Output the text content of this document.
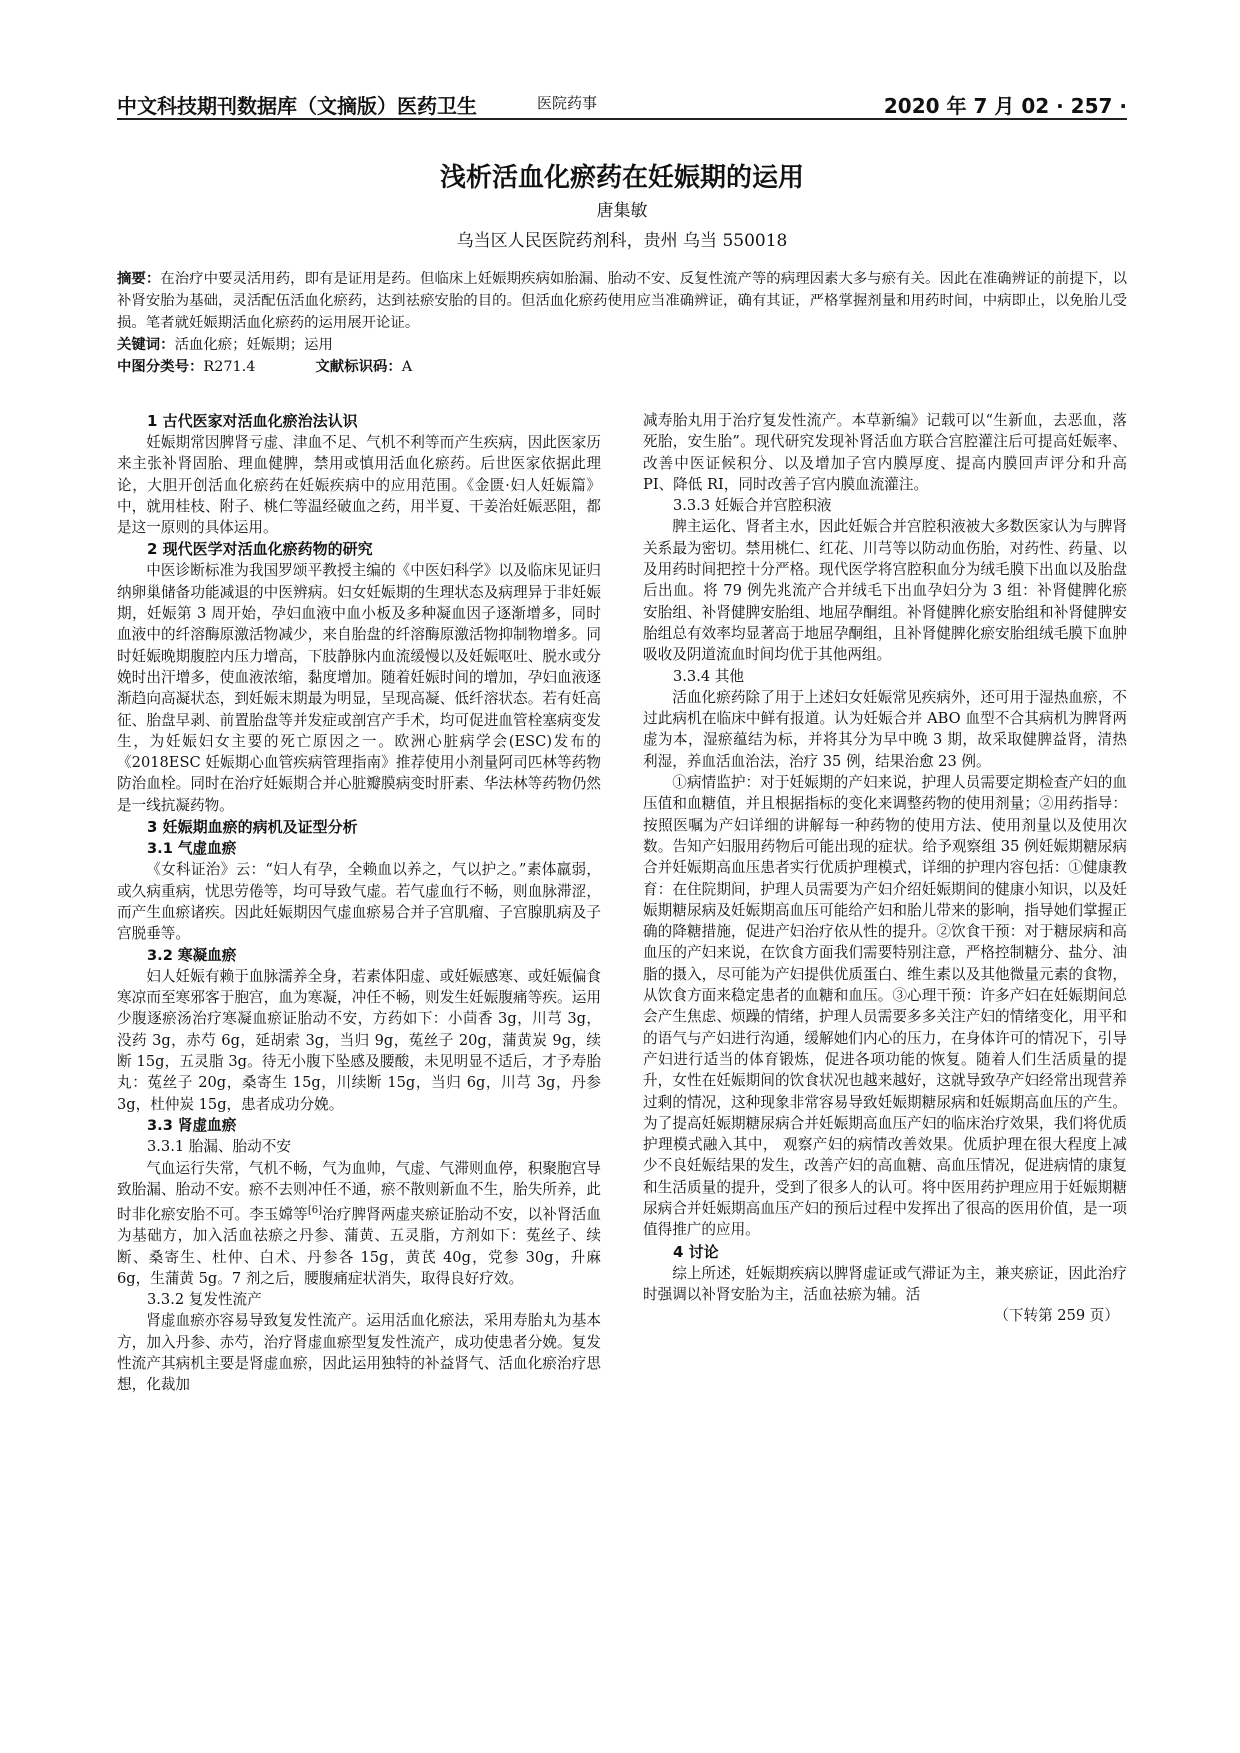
中文科技期刊数据库（文摘版）医药卫生	医院药事	2020 年 7 月 02 · 257 ·
浅析活血化瘀药在妊娠期的运用
唐集敏
乌当区人民医院药剂科，贵州 乌当 550018

摘要：在治疗中要灵活用药，即有是证用是药。但临床上妊娠期疾病如胎漏、胎动不安、反复性流产等的病理因素大多与瘀有关。因此在准确辨证的前提下，以补肾安胎为基础，灵活配伍活血化瘀药，达到祛瘀安胎的目的。但活血化瘀药使用应当准确辨证，确有其证，严格掌握剂量和用药时间，中病即止，以免胎儿受损。笔者就妊娠期活血化瘀药的运用展开论证。

关键词：活血化瘀；妊娠期；运用

中图分类号：R271.4	文献标识码：A

1 古代医家对活血化瘀治法认识

妊娠期常因脾肾亏虚、津血不足、气机不利等而产生疾病，因此医家历来主张补肾固胎、理血健脾，禁用或慎用活血化瘀药。后世医家依据此理论，大胆开创活血化瘀药在妊娠疾病中的应用范围。《金匮·妇人妊娠篇》中，就用桂枝、附子、桃仁等温经破血之药，用半夏、干姜治妊娠恶阻，都是这一原则的具体运用。

2 现代医学对活血化瘀药物的研究

中医诊断标准为我国罗颂平教授主编的《中医妇科学》以及临床见证归纳卵巢储备功能减退的中医辨病。妇女妊娠期的生理状态及病理异于非妊娠期，妊娠第 3 周开始，孕妇血液中血小板及多种凝血因子逐渐增多，同时血液中的纤溶酶原激活物减少，来自胎盘的纤溶酶原激活物抑制物增多。同时妊娠晚期腹腔内压力增高，下肢静脉内血流缓慢以及妊娠呕吐、脱水或分娩时出汗增多，使血液浓缩，黏度增加。随着妊娠时间的增加，孕妇血液逐渐趋向高凝状态，到妊娠末期最为明显，呈现高凝、低纤溶状态。若有妊高征、胎盘早剥、前置胎盘等并发症或剖宫产手术，均可促进血管栓塞病变发生，为妊娠妇女主要的死亡原因之一。欧洲心脏病学会(ESC)发布的《2018ESC 妊娠期心血管疾病管理指南》推荐使用小剂量阿司匹林等药物防治血栓。同时在治疗妊娠期合并心脏瓣膜病变时肝素、华法林等药物仍然是一线抗凝药物。

3 妊娠期血瘀的病机及证型分析
3.1 气虚血瘀

《女科证治》云：“妇人有孕，全赖血以养之，气以护之。”素体羸弱，或久病重病，忧思劳倦等，均可导致气虚。若气虚血行不畅，则血脉滞涩，而产生血瘀诸疾。因此妊娠期因气虚血瘀易合并子宫肌瘤、子宫腺肌病及子宫脱垂等。

3.2 寒凝血瘀

妇人妊娠有赖于血脉濡养全身，若素体阳虚、或妊娠感寒、或妊娠偏食寒凉而至寒邪客于胞宫，血为寒凝，冲任不畅，则发生妊娠腹痛等疾。运用少腹逐瘀汤治疗寒凝血瘀证胎动不安，方药如下：小茴香 3g，川芎 3g，没药 3g，赤芍 6g，延胡索 3g，当归 9g，菟丝子 20g，蒲黄炭 9g，续断 15g，五灵脂 3g。待无小腹下坠感及腰酸，未见明显不适后，才予寿胎丸：菟丝子 20g，桑寄生 15g，川续断 15g，当归 6g，川芎 3g，丹参 3g，杜仲炭 15g，患者成功分娩。

3.3 肾虚血瘀
3.3.1 胎漏、胎动不安

气血运行失常，气机不畅，气为血帅，气虚、气滞则血停，积聚胞宫导致胎漏、胎动不安。瘀不去则冲任不通，瘀不散则新血不生，胎失所养，此时非化瘀安胎不可。李玉嫦等[6]治疗脾肾两虚夹瘀证胎动不安，以补肾活血为基础方，加入活血祛瘀之丹参、蒲黄、五灵脂，方剂如下：菟丝子、续断、桑寄生、杜仲、白术、丹参各 15g，黄芪 40g，党参 30g，升麻 6g，生蒲黄 5g。7 剂之后，腰腹痛症状消失，取得良好疗效。

3.3.2 复发性流产

肾虚血瘀亦容易导致复发性流产。运用活血化瘀法，采用寿胎丸为基本方，加入丹参、赤芍，治疗肾虚血瘀型复发性流产，成功使患者分娩。复发性流产其病机主要是肾虚血瘀，因此运用独特的补益肾气、活血化瘀治疗思想，化裁加

减寿胎丸用于治疗复发性流产。本草新编》记载可以“生新血，去恶血，落死胎，安生胎”。现代研究发现补肾活血方联合宫腔灌注后可提高妊娠率、改善中医证候积分、以及增加子宫内膜厚度、提高内膜回声评分和升高 PI、降低 RI，同时改善子宫内膜血流灌注。

3.3.3 妊娠合并宫腔积液

脾主运化、肾者主水，因此妊娠合并宫腔积液被大多数医家认为与脾肾关系最为密切。禁用桃仁、红花、川芎等以防动血伤胎，对药性、药量、以及用药时间把控十分严格。现代医学将宫腔积血分为绒毛膜下出血以及胎盘后出血。将 79 例先兆流产合并绒毛下出血孕妇分为 3 组：补肾健脾化瘀安胎组、补肾健脾安胎组、地屈孕酮组。补肾健脾化瘀安胎组和补肾健脾安胎组总有效率均显著高于地屈孕酮组，且补肾健脾化瘀安胎组绒毛膜下血肿吸收及阴道流血时间均优于其他两组。

3.3.4 其他

活血化瘀药除了用于上述妇女妊娠常见疾病外，还可用于湿热血瘀，不过此病机在临床中鲜有报道。认为妊娠合并 ABO 血型不合其病机为脾肾两虚为本，湿瘀蕴结为标，并将其分为早中晚 3 期，故采取健脾益肾，清热利湿，养血活血治法，治疗 35 例，结果治愈 23 例。

①病情监护：对于妊娠期的产妇来说，护理人员需要定期检查产妇的血压值和血糖值，并且根据指标的变化来调整药物的使用剂量；②用药指导：按照医嘱为产妇详细的讲解每一种药物的使用方法、使用剂量以及使用次数。告知产妇服用药物后可能出现的症状。给予观察组 35 例妊娠期糖尿病合并妊娠期高血压患者实行优质护理模式，详细的护理内容包括：①健康教育：在住院期间，护理人员需要为产妇介绍妊娠期间的健康小知识，以及妊娠期糖尿病及妊娠期高血压可能给产妇和胎儿带来的影响，指导她们掌握正确的降糖措施，促进产妇治疗依从性的提升。②饮食干预：对于糖尿病和高血压的产妇来说，在饮食方面我们需要特别注意，严格控制糖分、盐分、油脂的摄入，尽可能为产妇提供优质蛋白、维生素以及其他微量元素的食物，从饮食方面来稳定患者的血糖和血压。③心理干预：许多产妇在妊娠期间总会产生焦虑、烦躁的情绪，护理人员需要多多关注产妇的情绪变化，用平和的语气与产妇进行沟通，缓解她们内心的压力，在身体许可的情况下，引导产妇进行适当的体育锻炼，促进各项功能的恢复。随着人们生活质量的提升，女性在妊娠期间的饮食状况也越来越好，这就导致孕产妇经常出现营养过剩的情况，这种现象非常容易导致妊娠期糖尿病和妊娠期高血压的产生。为了提高妊娠期糖尿病合并妊娠期高血压产妇的临床治疗效果，我们将优质护理模式融入其中， 观察产妇的病情改善效果。优质护理在很大程度上减少不良妊娠结果的发生，改善产妇的高血糖、高血压情况，促进病情的康复和生活质量的提升，受到了很多人的认可。将中医用药护理应用于妊娠期糖尿病合并妊娠期高血压产妇的预后过程中发挥出了很高的医用价值，是一项值得推广的应用。

4 讨论

综上所述，妊娠期疾病以脾肾虚证或气滞证为主，兼夹瘀证，因此治疗时强调以补肾安胎为主，活血祛瘀为辅。活

（下转第 259 页）
